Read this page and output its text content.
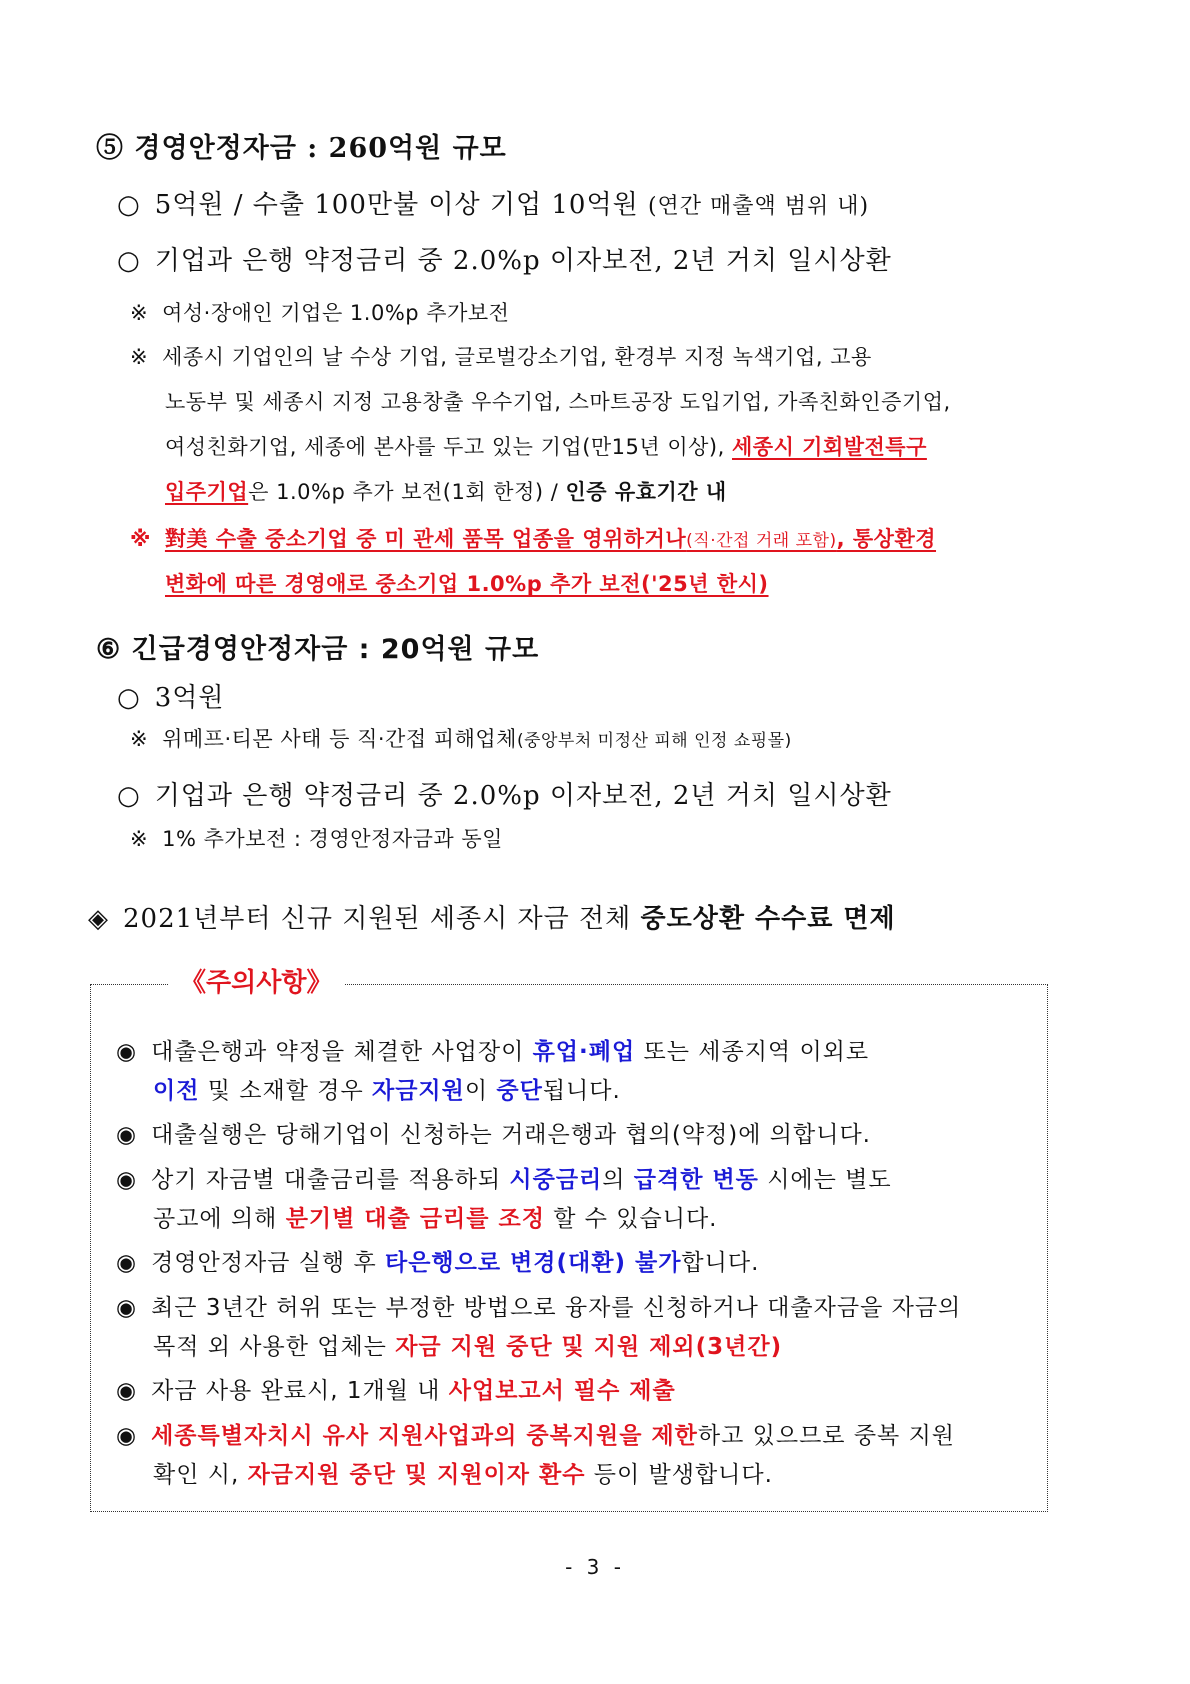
⑤ 경영안정자금 : 260억원 규모
○ 5억원 / 수출 100만불 이상 기업 10억원 (연간 매출액 범위 내)
○ 기업과 은행 약정금리 중 2.0%p 이자보전, 2년 거치 일시상환
※ 여성·장애인 기업은 1.0%p 추가보전
※ 세종시 기업인의 날 수상 기업, 글로벌강소기업, 환경부 지정 녹색기업, 고용
노동부 및 세종시 지정 고용창출 우수기업, 스마트공장 도입기업, 가족친화인증기업,
여성친화기업, 세종에 본사를 두고 있는 기업(만15년 이상), 세종시 기회발전특구
입주기업은 1.0%p 추가 보전(1회 한정) / 인증 유효기간 내
※ 對美 수출 중소기업 중 미 관세 품목 업종을 영위하거나(직·간접 거래 포함), 통상환경
변화에 따른 경영애로 중소기업 1.0%p 추가 보전('25년 한시)
⑥ 긴급경영안정자금 : 20억원 규모
○ 3억원
※ 위메프·티몬 사태 등 직·간접 피해업체(중앙부처 미정산 피해 인정 쇼핑몰)
○ 기업과 은행 약정금리 중 2.0%p 이자보전, 2년 거치 일시상환
※ 1% 추가보전 : 경영안정자금과 동일
◈ 2021년부터 신규 지원된 세종시 자금 전체 중도상환 수수료 면제
《주의사항》
◉ 대출은행과 약정을 체결한 사업장이 휴업·폐업 또는 세종지역 이외로
이전 및 소재할 경우 자금지원이 중단됩니다.
◉ 대출실행은 당해기업이 신청하는 거래은행과 협의(약정)에 의합니다.
◉ 상기 자금별 대출금리를 적용하되 시중금리의 급격한 변동 시에는 별도
공고에 의해 분기별 대출 금리를 조정 할 수 있습니다.
◉ 경영안정자금 실행 후 타은행으로 변경(대환) 불가합니다.
◉ 최근 3년간 허위 또는 부정한 방법으로 융자를 신청하거나 대출자금을 자금의
목적 외 사용한 업체는 자금 지원 중단 및 지원 제외(3년간)
◉ 자금 사용 완료시, 1개월 내 사업보고서 필수 제출
◉ 세종특별자치시 유사 지원사업과의 중복지원을 제한하고 있으므로 중복 지원
확인 시, 자금지원 중단 및 지원이자 환수 등이 발생합니다.
- 3 -
